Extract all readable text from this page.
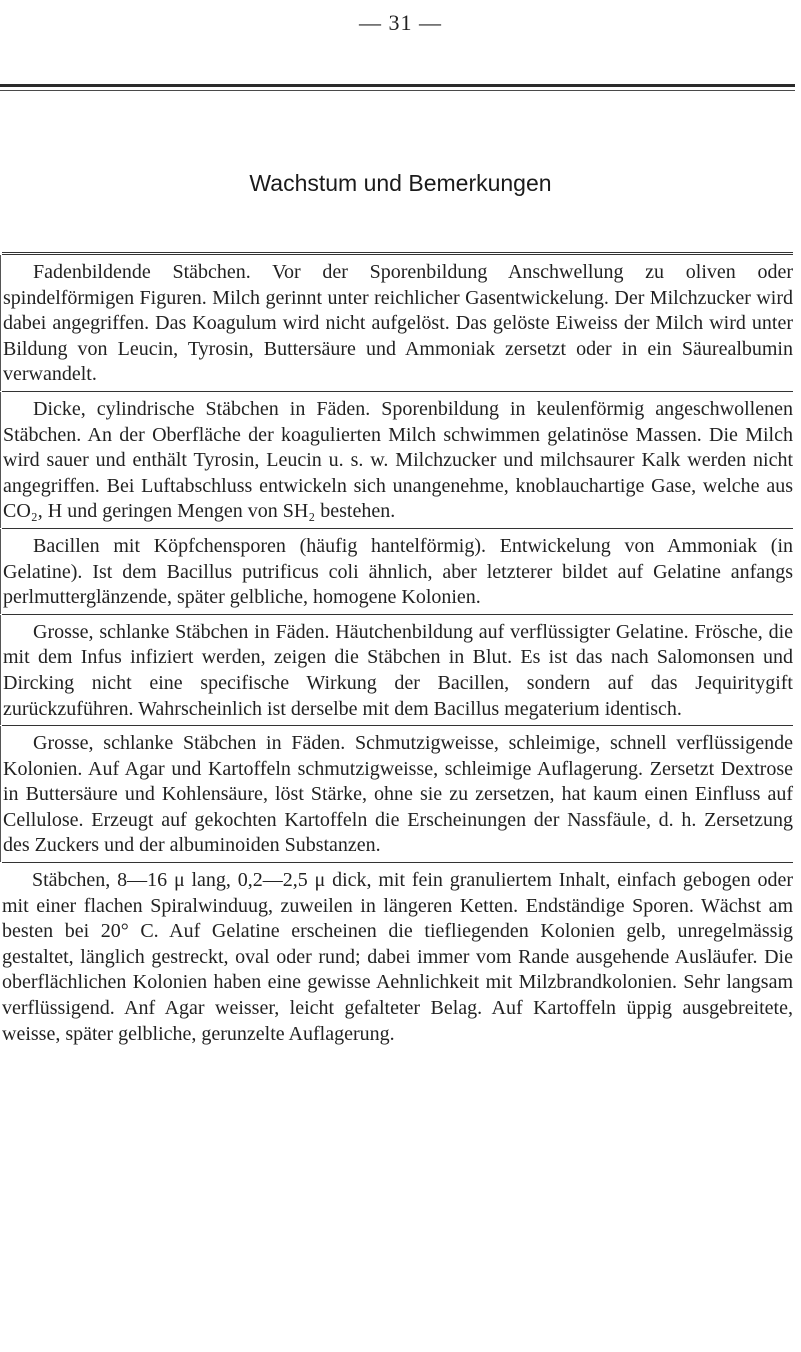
— 31 —
Wachstum und Bemerkungen

Fadenbildende Stäbchen. Vor der Sporenbildung Anschwellung zu oliven oder spindelförmigen Figuren. Milch gerinnt unter reichlicher Gasentwickelung. Der Milchzucker wird dabei angegriffen. Das Koagulum wird nicht aufgelöst. Das gelöste Eiweiss der Milch wird unter Bildung von Leucin, Tyrosin, Buttersäure und Ammoniak zersetzt oder in ein Säurealbumin verwandelt.

Dicke, cylindrische Stäbchen in Fäden. Sporenbildung in keulenförmig angeschwollenen Stäbchen. An der Oberfläche der koagulierten Milch schwimmen gelatinöse Massen. Die Milch wird sauer und enthält Tyrosin, Leucin u. s. w. Milchzucker und milchsaurer Kalk werden nicht angegriffen. Bei Luftabschluss entwickeln sich unangenehme, knoblauchartige Gase, welche aus CO₂, H und geringen Mengen von SH₂ bestehen.

Bacillen mit Köpfchensporen (häufig hantelförmig). Entwickelung von Ammoniak (in Gelatine). Ist dem Bacillus putrificus coli ähnlich, aber letzterer bildet auf Gelatine anfangs perlmutterglänzende, später gelbliche, homogene Kolonien.

Grosse, schlanke Stäbchen in Fäden. Häutchenbildung auf verflüssigter Gelatine. Frösche, die mit dem Infus infiziert werden, zeigen die Stäbchen in Blut. Es ist das nach Salomonsen und Dircking nicht eine specifische Wirkung der Bacillen, sondern auf das Jequiritygift zurückzuführen. Wahrscheinlich ist derselbe mit dem Bacillus megaterium identisch.

Grosse, schlanke Stäbchen in Fäden. Schmutzigweisse, schleimige, schnell verflüssigende Kolonien. Auf Agar und Kartoffeln schmutzigweisse, schleimige Auflagerung. Zersetzt Dextrose in Buttersäure und Kohlensäure, löst Stärke, ohne sie zu zersetzen, hat kaum einen Einfluss auf Cellulose. Erzeugt auf gekochten Kartoffeln die Erscheinungen der Nassfäule, d. h. Zersetzung des Zuckers und der albuminoiden Substanzen.

Stäbchen, 8—16 μ lang, 0,2—2,5 μ dick, mit fein granuliertem Inhalt, einfach gebogen oder mit einer flachen Spiralwinduug, zuweilen in längeren Ketten. Endständige Sporen. Wächst am besten bei 20° C. Auf Gelatine erscheinen die tiefliegenden Kolonien gelb, unregelmässig gestaltet, länglich gestreckt, oval oder rund; dabei immer vom Rande ausgehende Ausläufer. Die oberflächlichen Kolonien haben eine gewisse Aehnlichkeit mit Milzbrandkolonien. Sehr langsam verflüssigend. Anf Agar weisser, leicht gefalteter Belag. Auf Kartoffeln üppig ausgebreitete, weisse, später gelbliche, gerunzelte Auflagerung.
